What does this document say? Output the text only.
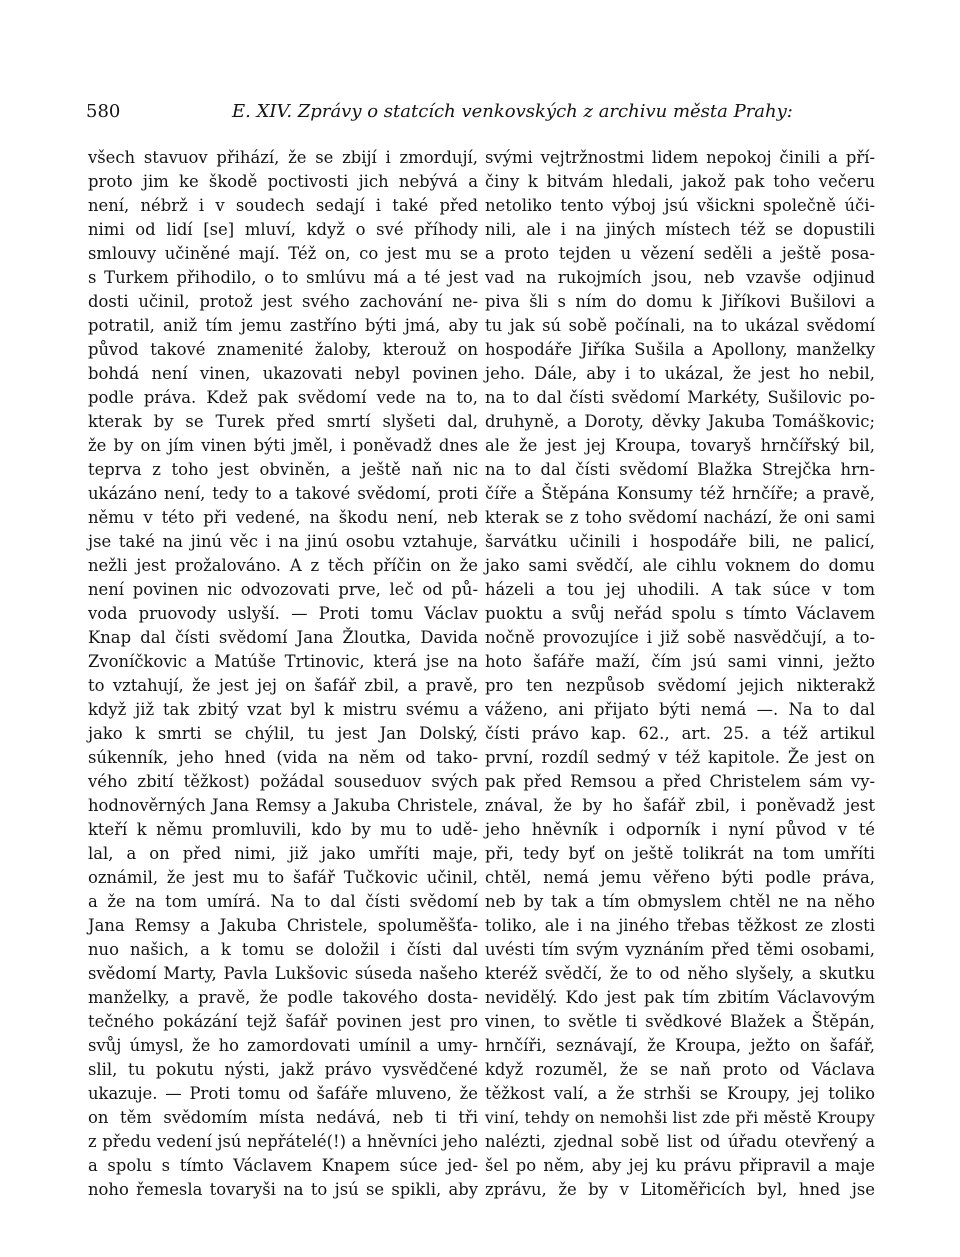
580	E. XIV. Zprávy o statcích venkovských z archivu města Prahy:
všech stavuov přihází, že se zbijí i zmordují,
proto jim ke škodě poctivosti jich nebývá a
není, nébrž i v soudech sedají i také před
nimi od lidí [se] mluví, když o své příhody
smlouvy učiněné mají. Též on, co jest mu se
s Turkem přihodilo, o to smlúvu má a té jest
dosti učinil, protož jest svého zachování ne-
potratil, aniž tím jemu zastříno býti jmá, aby
původ takové znamenité žaloby, kterouž on
bohdá není vinen, ukazovati nebyl povinen
podle práva. Kdež pak svědomí vede na to,
kterak by se Turek před smrtí slyšeti dal,
že by on jím vinen býti jměl, i poněvadž dnes
teprva z toho jest obviněn, a ještě naň nic
ukázáno není, tedy to a takové svědomí, proti
němu v této při vedené, na škodu není, neb
jse také na jinú věc i na jinú osobu vztahuje,
nežli jest prožalováno. A z těch příčin on že
není povinen nic odvozovati prve, leč od pů-
voda pruovody uslyší. — Proti tomu Václav
Knap dal čísti svědomí Jana Žloutka, Davida
Zvoníčkovic a Matúše Trtinovic, která jse na
to vztahují, že jest jej on šafář zbil, a pravě,
když již tak zbitý vzat byl k mistru svému a
jako k smrti se chýlil, tu jest Jan Dolský,
súkenník, jeho hned (vida na něm od tako-
vého zbití těžkost) požádal souseduov svých
hodnověrných Jana Remsy a Jakuba Christele,
kteří k němu promluvili, kdo by mu to udě-
lal, a on před nimi, již jako umříti maje,
oznámil, že jest mu to šafář Tučkovic učinil,
a že na tom umírá. Na to dal čísti svědomí
Jana Remsy a Jakuba Christele, spoluměšťa-
nuo našich, a k tomu se doložil i čísti dal
svědomí Marty, Pavla Lukšovic súseda našeho
manželky, a pravě, že podle takového dosta-
tečného pokázání tejž šafář povinen jest pro
svůj úmysl, že ho zamordovati umínil a umy-
slil, tu pokutu nýsti, jakž právo vysvědčené
ukazuje. — Proti tomu od šafáře mluveno, že
on těm svědomím místa nedává, neb ti tři
z předu vedení jsú nepřátelé(!) a hněvníci jeho
a spolu s tímto Václavem Knapem súce jed-
noho řemesla tovaryši na to jsú se spikli, aby
svými vejtržnostmi lidem nepokoj činili a pří-
činy k bitvám hledali, jakož pak toho večeru
netoliko tento výboj jsú všickni společně úči-
nili, ale i na jiných místech též se dopustili
a proto tejden u vězení seděli a ještě posa-
vad na rukojmích jsou, neb vzavše odjinud
piva šli s ním do domu k Jiříkovi Bušilovi a
tu jak sú sobě počínali, na to ukázal svědomí
hospodáře Jiříka Sušila a Apollony, manželky
jeho. Dále, aby i to ukázal, že jest ho nebil,
na to dal čísti svědomí Markéty, Sušilovic po-
druhyně, a Doroty, děvky Jakuba Tomáškovic;
ale že jest jej Kroupa, tovaryš hrnčířský bil,
na to dal čísti svědomí Blažka Strejčka hrn-
číře a Štěpána Konsumy též hrnčíře; a pravě,
kterak se z toho svědomí nachází, že oni sami
šarvátku učinili i hospodáře bili, ne palicí,
jako sami svědčí, ale cihlu voknem do domu
házeli a tou jej uhodili. A tak súce v tom
puoktu a svůj neřád spolu s tímto Václavem
nočně provozujíce i již sobě nasvědčují, a to-
hoto šafáře maží, čím jsú sami vinni, ježto
pro ten nezpůsob svědomí jejich nikterakž
váženo, ani přijato býti nemá —. Na to dal
čísti právo kap. 62., art. 25. a též artikul
první, rozdíl sedmý v též kapitole. Že jest on
pak před Remsou a před Christelem sám vy-
znával, že by ho šafář zbil, i poněvadž jest
jeho hněvník i odporník i nyní původ v té
při, tedy byť on ještě tolikrát na tom umříti
chtěl, nemá jemu věřeno býti podle práva,
neb by tak a tím obmyslem chtěl ne na něho
toliko, ale i na jiného třebas těžkost ze zlosti
uvésti tím svým vyznáním před těmi osobami,
kteréž svědčí, že to od něho slyšely, a skutku
nevidělý. Kdo jest pak tím zbitím Václavovým
vinen, to světle ti svědkové Blažek a Štěpán,
hrnčíři, seznávají, že Kroupa, ježto on šafář,
když rozuměl, že se naň proto od Václava
těžkost valí, a že strhši se Kroupy, jej toliko
viní, tehdy on nemohši list zde při městě Kroupy
nalézti, zjednal sobě list od úřadu otevřený a
šel po něm, aby jej ku právu připravil a maje
zprávu, že by v Litoměřicích byl, hned jse
